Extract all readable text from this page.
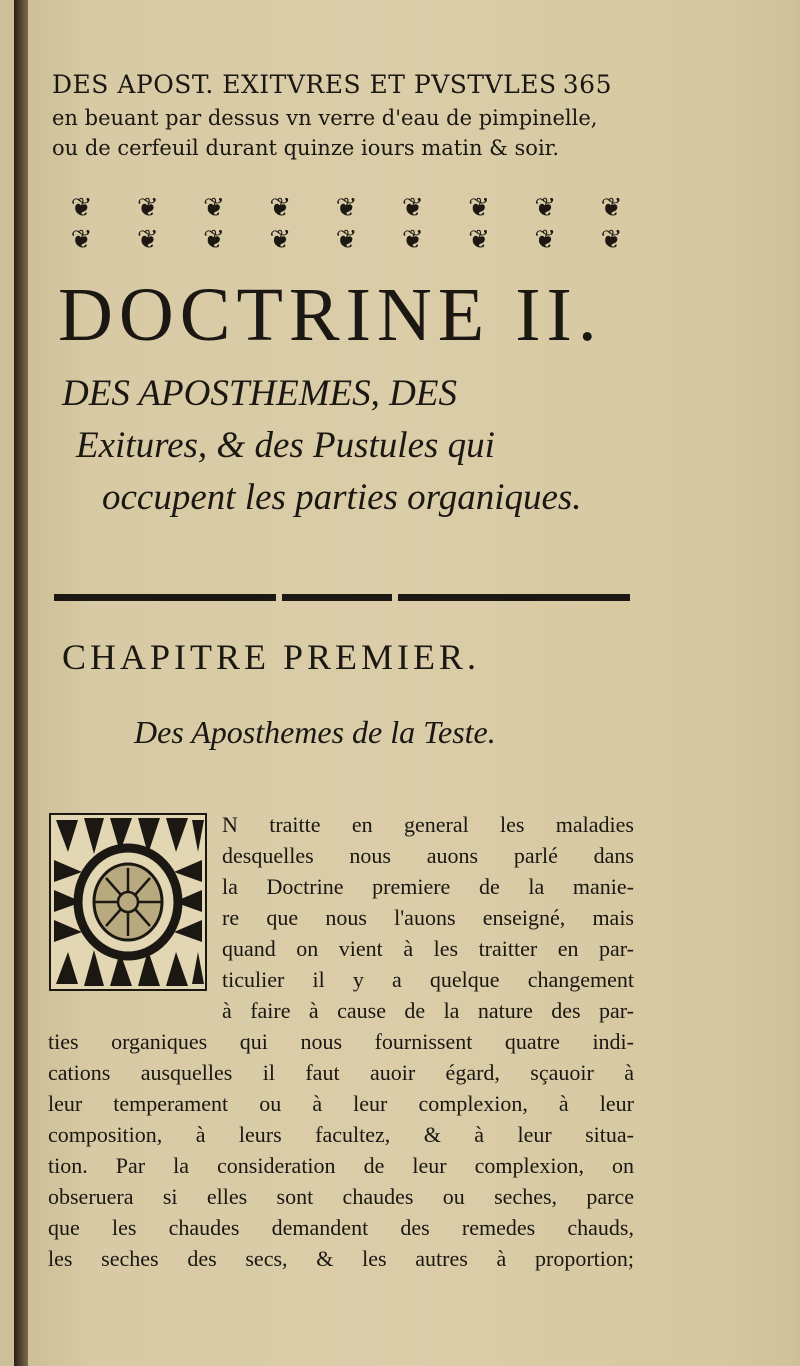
DES APOST. EXITVRES ET PVSTVLES 365
en beuant par dessus vn verre d'eau de pimpinelle,
ou de cerfeuil durant quinze iours matin & soir.
❦	❦	❦	❦	❦	❦	❦	❦	❦
❦	❦	❦	❦	❦	❦	❦	❦	❦
DOCTRINE II.
DES APOSTHEMES, DES
Exitures, & des Pustules qui
occupent les parties organiques.
CHAPITRE PREMIER.
Des Aposthemes de la Teste.
N traitte en general les maladies
desquelles nous auons parlé dans
la Doctrine premiere de la manie-
re que nous l'auons enseigné, mais
quand on vient à les traitter en par-
ticulier il y a quelque changement
à faire à cause de la nature des par-
ties organiques qui nous fournissent quatre indi-
cations ausquelles il faut auoir égard, sçauoir à
leur temperament ou à leur complexion, à leur
composition, à leurs facultez, & à leur situa-
tion. Par la consideration de leur complexion, on
obseruera si elles sont chaudes ou seches, parce
que les chaudes demandent des remedes chauds,
les seches des secs, & les autres à proportion;
